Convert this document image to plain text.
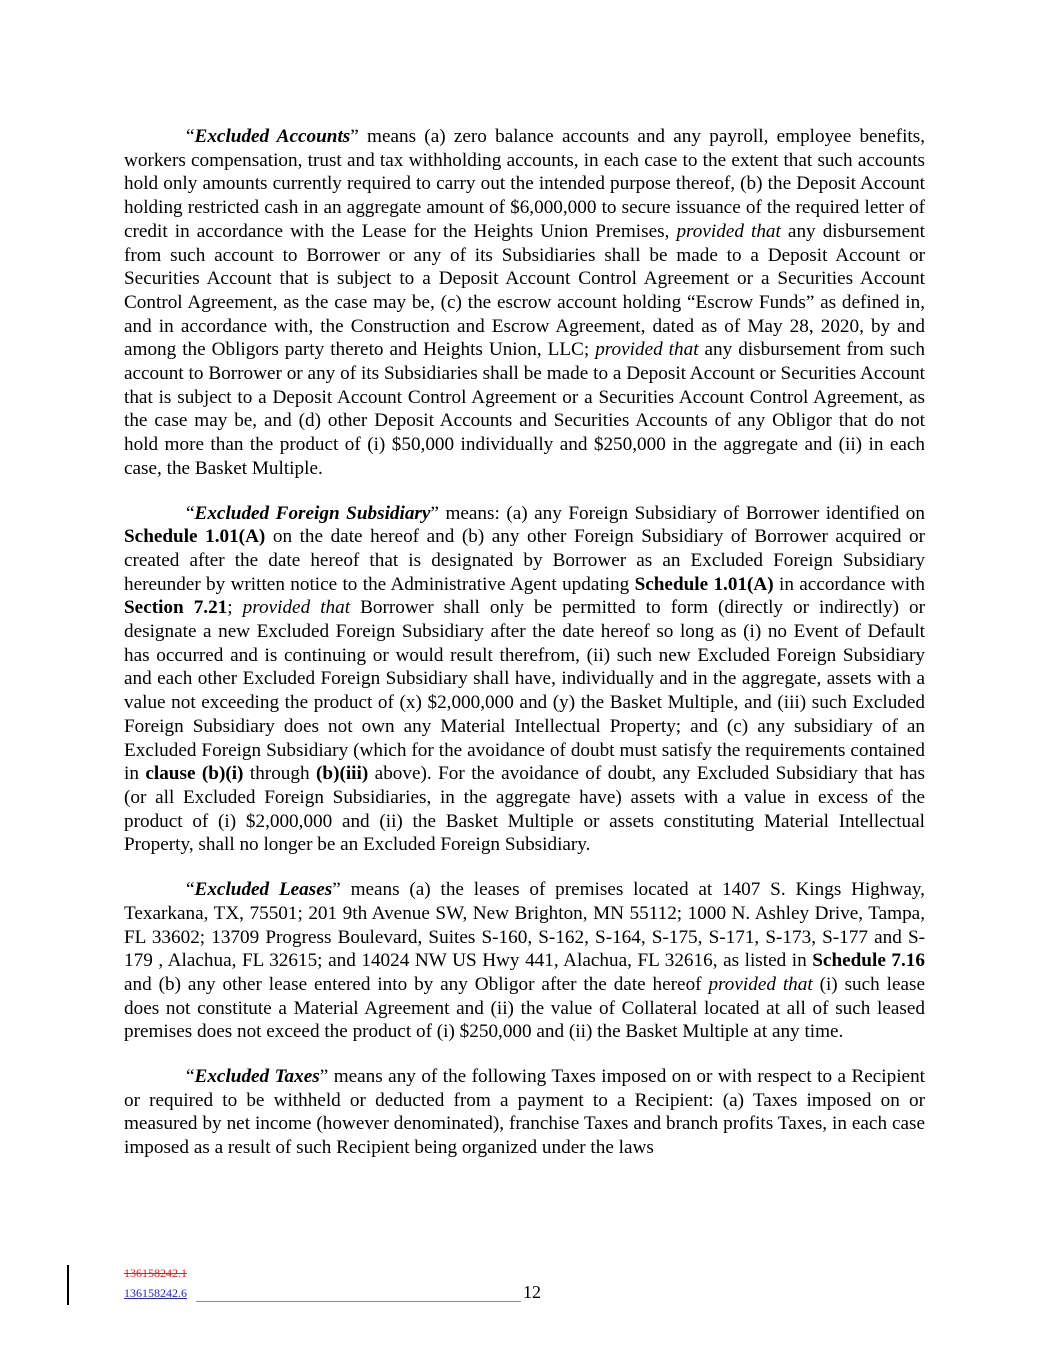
“Excluded Accounts” means (a) zero balance accounts and any payroll, employee benefits, workers compensation, trust and tax withholding accounts, in each case to the extent that such accounts hold only amounts currently required to carry out the intended purpose thereof, (b) the Deposit Account holding restricted cash in an aggregate amount of $6,000,000 to secure issuance of the required letter of credit in accordance with the Lease for the Heights Union Premises, provided that any disbursement from such account to Borrower or any of its Subsidiaries shall be made to a Deposit Account or Securities Account that is subject to a Deposit Account Control Agreement or a Securities Account Control Agreement, as the case may be, (c) the escrow account holding “Escrow Funds” as defined in, and in accordance with, the Construction and Escrow Agreement, dated as of May 28, 2020, by and among the Obligors party thereto and Heights Union, LLC; provided that any disbursement from such account to Borrower or any of its Subsidiaries shall be made to a Deposit Account or Securities Account that is subject to a Deposit Account Control Agreement or a Securities Account Control Agreement, as the case may be, and (d) other Deposit Accounts and Securities Accounts of any Obligor that do not hold more than the product of (i) $50,000 individually and $250,000 in the aggregate and (ii) in each case, the Basket Multiple.

“Excluded Foreign Subsidiary” means: (a) any Foreign Subsidiary of Borrower identified on Schedule 1.01(A) on the date hereof and (b) any other Foreign Subsidiary of Borrower acquired or created after the date hereof that is designated by Borrower as an Excluded Foreign Subsidiary hereunder by written notice to the Administrative Agent updating Schedule 1.01(A) in accordance with Section 7.21; provided that Borrower shall only be permitted to form (directly or indirectly) or designate a new Excluded Foreign Subsidiary after the date hereof so long as (i) no Event of Default has occurred and is continuing or would result therefrom, (ii) such new Excluded Foreign Subsidiary and each other Excluded Foreign Subsidiary shall have, individually and in the aggregate, assets with a value not exceeding the product of (x) $2,000,000 and (y) the Basket Multiple, and (iii) such Excluded Foreign Subsidiary does not own any Material Intellectual Property; and (c) any subsidiary of an Excluded Foreign Subsidiary (which for the avoidance of doubt must satisfy the requirements contained in clause (b)(i) through (b)(iii) above). For the avoidance of doubt, any Excluded Subsidiary that has (or all Excluded Foreign Subsidiaries, in the aggregate have) assets with a value in excess of the product of (i) $2,000,000 and (ii) the Basket Multiple or assets constituting Material Intellectual Property, shall no longer be an Excluded Foreign Subsidiary.

“Excluded Leases” means (a) the leases of premises located at 1407 S. Kings Highway, Texarkana, TX, 75501; 201 9th Avenue SW, New Brighton, MN 55112; 1000 N. Ashley Drive, Tampa, FL 33602; 13709 Progress Boulevard, Suites S-160, S-162, S-164, S-175, S-171, S-173, S-177 and S-179 , Alachua, FL 32615; and 14024 NW US Hwy 441, Alachua, FL 32616, as listed in Schedule 7.16 and (b) any other lease entered into by any Obligor after the date hereof provided that (i) such lease does not constitute a Material Agreement and (ii) the value of Collateral located at all of such leased premises does not exceed the product of (i) $250,000 and (ii) the Basket Multiple at any time.

“Excluded Taxes” means any of the following Taxes imposed on or with respect to a Recipient or required to be withheld or deducted from a payment to a Recipient: (a) Taxes imposed on or measured by net income (however denominated), franchise Taxes and branch profits Taxes, in each case imposed as a result of such Recipient being organized under the laws

136158242.1
136158242.6	12
